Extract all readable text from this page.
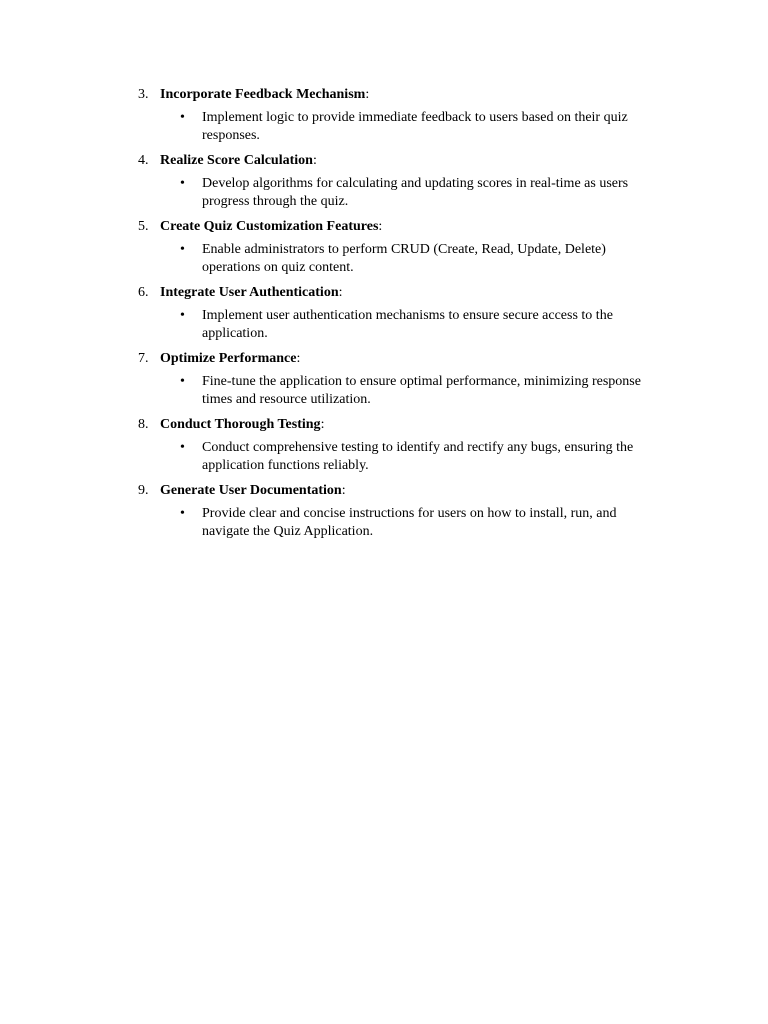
3. Incorporate Feedback Mechanism:
•	Implement logic to provide immediate feedback to users based on their quiz responses.
4. Realize Score Calculation:
•	Develop algorithms for calculating and updating scores in real-time as users progress through the quiz.
5. Create Quiz Customization Features:
•	Enable administrators to perform CRUD (Create, Read, Update, Delete) operations on quiz content.
6. Integrate User Authentication:
•	Implement user authentication mechanisms to ensure secure access to the application.
7. Optimize Performance:
•	Fine-tune the application to ensure optimal performance, minimizing response times and resource utilization.
8. Conduct Thorough Testing:
•	Conduct comprehensive testing to identify and rectify any bugs, ensuring the application functions reliably.
9. Generate User Documentation:
•	Provide clear and concise instructions for users on how to install, run, and navigate the Quiz Application.
